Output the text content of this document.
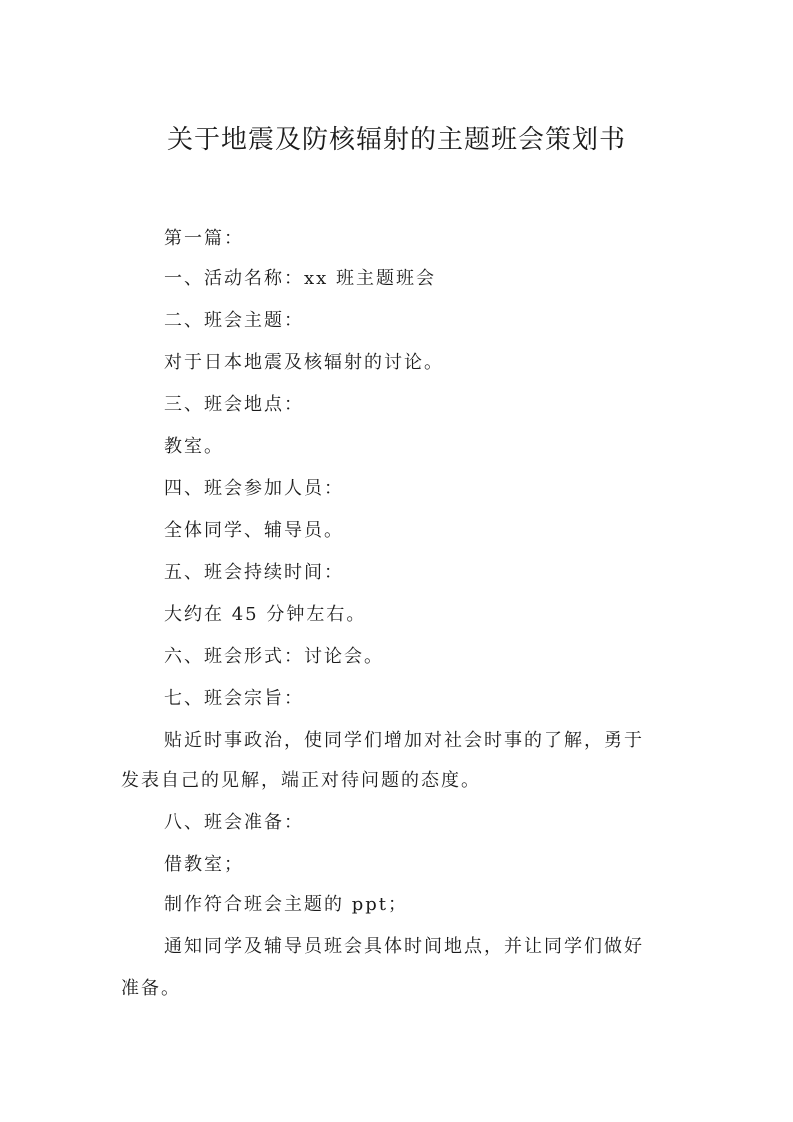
关于地震及防核辐射的主题班会策划书
第一篇：
一、活动名称：xx 班主题班会
二、班会主题：
对于日本地震及核辐射的讨论。
三、班会地点：
教室。
四、班会参加人员：
全体同学、辅导员。
五、班会持续时间：
大约在 45 分钟左右。
六、班会形式：讨论会。
七、班会宗旨：
贴近时事政治，使同学们增加对社会时事的了解，勇于
发表自己的见解，端正对待问题的态度。
八、班会准备：
借教室；
制作符合班会主题的 ppt；
通知同学及辅导员班会具体时间地点，并让同学们做好
准备。
